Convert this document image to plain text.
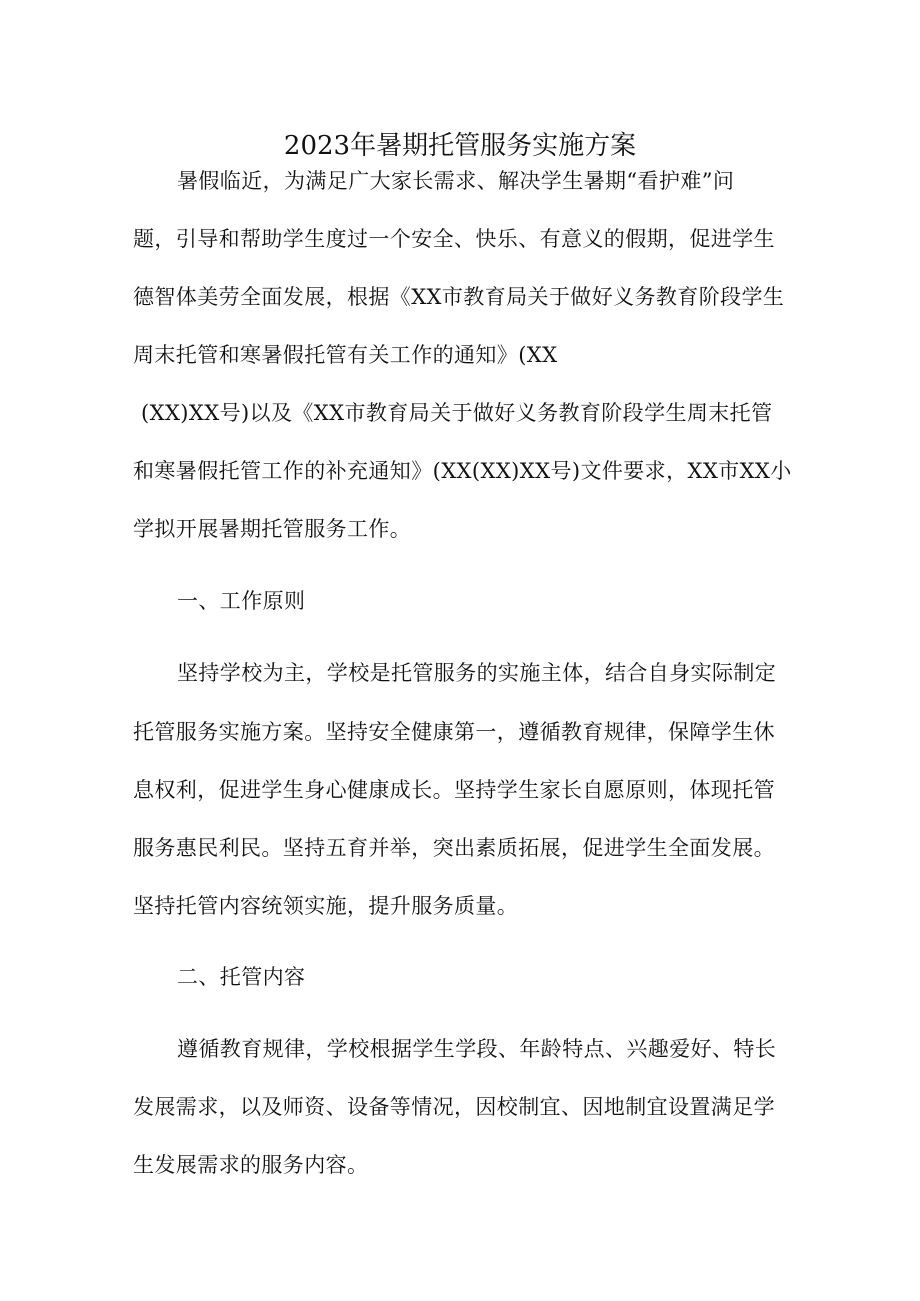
2023年暑期托管服务实施方案
暑假临近，为满足广大家长需求、解决学生暑期“看护难”问
题，引导和帮助学生度过一个安全、快乐、有意义的假期，促进学生
德智体美劳全面发展，根据《XX市教育局关于做好义务教育阶段学生
周末托管和寒暑假托管有关工作的通知》(XX
(XX)XX号)以及《XX市教育局关于做好义务教育阶段学生周末托管
和寒暑假托管工作的补充通知》(XX(XX)XX号)文件要求，XX市XX小
学拟开展暑期托管服务工作。
一、工作原则
坚持学校为主，学校是托管服务的实施主体，结合自身实际制定
托管服务实施方案。坚持安全健康第一，遵循教育规律，保障学生休
息权利，促进学生身心健康成长。坚持学生家长自愿原则，体现托管
服务惠民利民。坚持五育并举，突出素质拓展，促进学生全面发展。
坚持托管内容统领实施，提升服务质量。
二、托管内容
遵循教育规律，学校根据学生学段、年龄特点、兴趣爱好、特长
发展需求，以及师资、设备等情况，因校制宜、因地制宜设置满足学
生发展需求的服务内容。
